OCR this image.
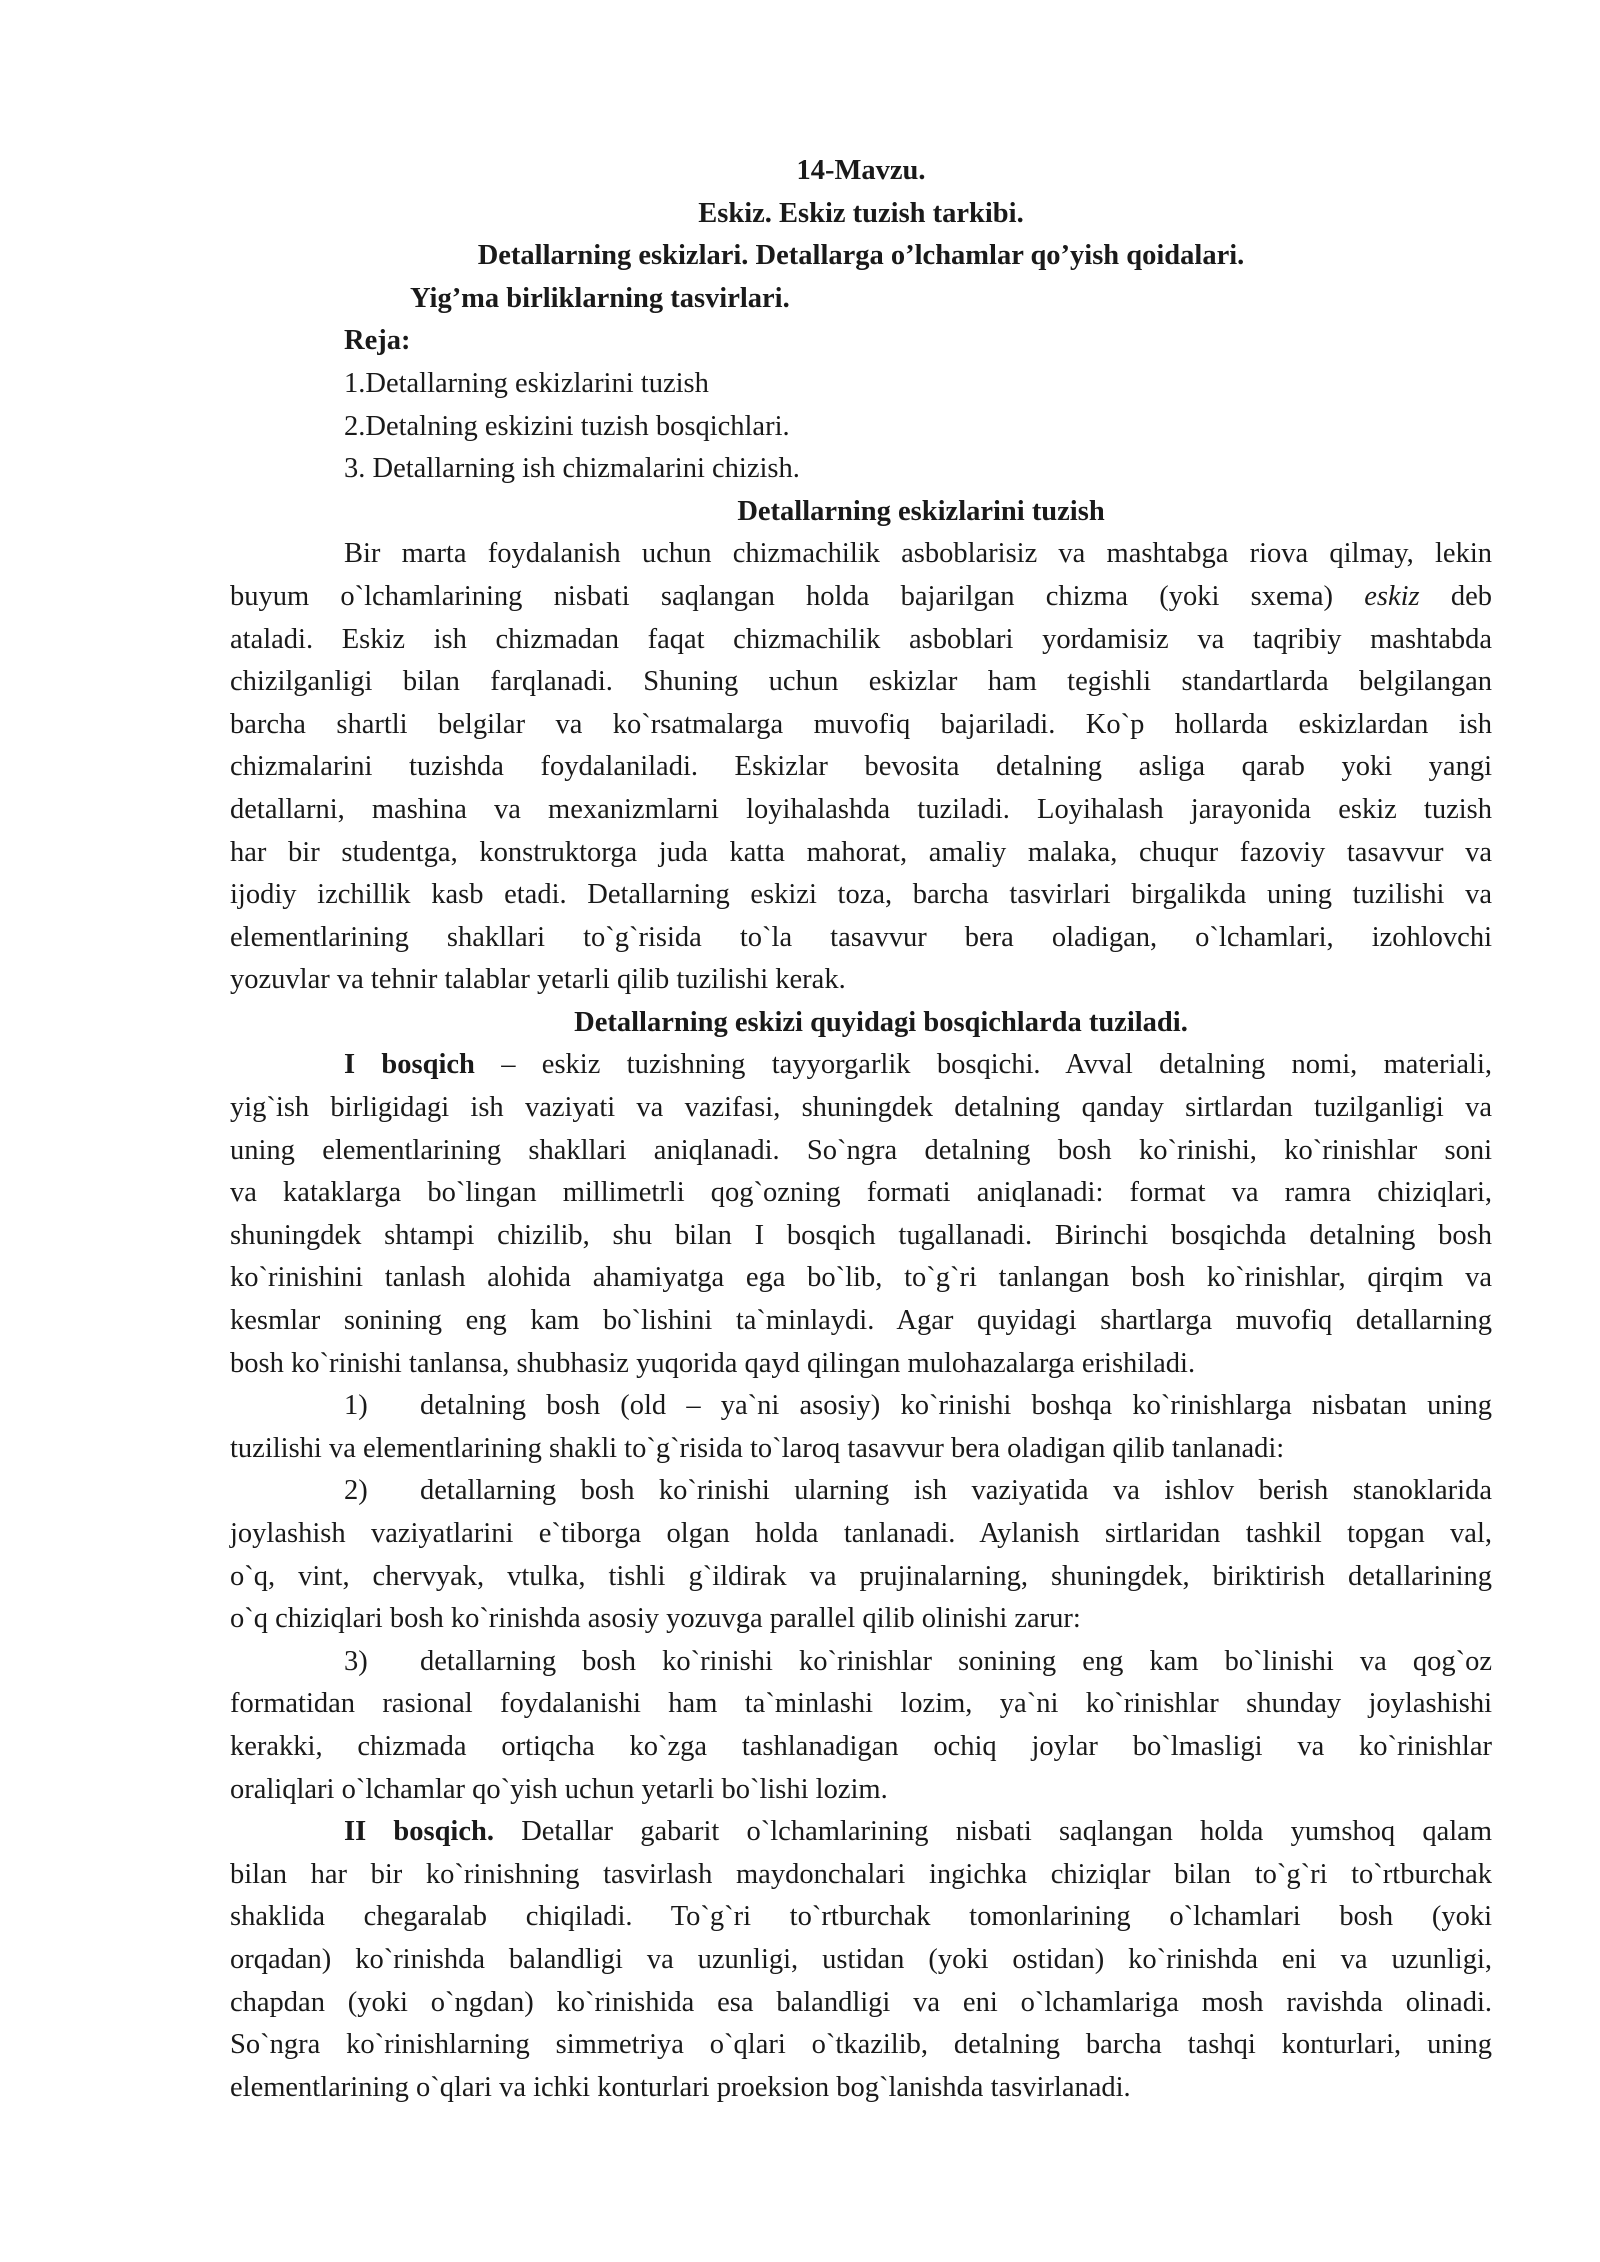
14-Mavzu.
Eskiz. Eskiz tuzish tarkibi.
Detallarning eskizlari. Detallarga o’lchamlar qo’yish qoidalari.
Yig’ma birliklarning tasvirlari.
Reja:
1.Detallarning eskizlarini tuzish
2.Detalning eskizini tuzish bosqichlari.
3. Detallarning ish chizmalarini chizish.
Detallarning eskizlarini tuzish
Bir marta foydalanish uchun chizmachilik asboblarisiz va mashtabga riova qilmay, lekin
buyum o`lchamlarining nisbati saqlangan holda bajarilgan chizma (yoki sxema) eskiz deb
ataladi. Eskiz ish chizmadan faqat chizmachilik asboblari yordamisiz va taqribiy mashtabda
chizilganligi bilan farqlanadi. Shuning uchun eskizlar ham tegishli standartlarda belgilangan
barcha shartli belgilar va ko`rsatmalarga muvofiq bajariladi. Ko`p hollarda eskizlardan ish
chizmalarini tuzishda foydalaniladi. Eskizlar bevosita detalning asliga qarab yoki yangi
detallarni, mashina va mexanizmlarni loyihalashda tuziladi. Loyihalash jarayonida eskiz tuzish
har bir studentga, konstruktorga juda katta mahorat, amaliy malaka, chuqur fazoviy tasavvur va
ijodiy izchillik kasb etadi. Detallarning eskizi toza, barcha tasvirlari birgalikda uning tuzilishi va
elementlarining shakllari to`g`risida to`la tasavvur bera oladigan, o`lchamlari, izohlovchi
yozuvlar va tehnir talablar yetarli qilib tuzilishi kerak.
Detallarning eskizi quyidagi bosqichlarda tuziladi.
I bosqich – eskiz tuzishning tayyorgarlik bosqichi. Avval detalning nomi, materiali,
yig`ish birligidagi ish vaziyati va vazifasi, shuningdek detalning qanday sirtlardan tuzilganligi va
uning elementlarining shakllari aniqlanadi. So`ngra detalning bosh ko`rinishi, ko`rinishlar soni
va kataklarga bo`lingan millimetrli qog`ozning formati aniqlanadi: format va ramra chiziqlari,
shuningdek shtampi chizilib, shu bilan I bosqich tugallanadi. Birinchi bosqichda detalning bosh
ko`rinishini tanlash alohida ahamiyatga ega bo`lib, to`g`ri tanlangan bosh ko`rinishlar, qirqim va
kesmlar sonining eng kam bo`lishini ta`minlaydi. Agar quyidagi shartlarga muvofiq detallarning
bosh ko`rinishi tanlansa, shubhasiz yuqorida qayd qilingan mulohazalarga erishiladi.
1) detalning bosh (old – ya`ni asosiy) ko`rinishi boshqa ko`rinishlarga nisbatan uning
tuzilishi va elementlarining shakli to`g`risida to`laroq tasavvur bera oladigan qilib tanlanadi:
2) detallarning bosh ko`rinishi ularning ish vaziyatida va ishlov berish stanoklarida
joylashish vaziyatlarini e`tiborga olgan holda tanlanadi. Aylanish sirtlaridan tashkil topgan val,
o`q, vint, chervyak, vtulka, tishli g`ildirak va prujinalarning, shuningdek, biriktirish detallarining
o`q chiziqlari bosh ko`rinishda asosiy yozuvga parallel qilib olinishi zarur:
3) detallarning bosh ko`rinishi ko`rinishlar sonining eng kam bo`linishi va qog`oz
formatidan rasional foydalanishi ham ta`minlashi lozim, ya`ni ko`rinishlar shunday joylashishi
kerakki, chizmada ortiqcha ko`zga tashlanadigan ochiq joylar bo`lmasligi va ko`rinishlar
oraliqlari o`lchamlar qo`yish uchun yetarli bo`lishi lozim.
II bosqich. Detallar gabarit o`lchamlarining nisbati saqlangan holda yumshoq qalam
bilan har bir ko`rinishning tasvirlash maydonchalari ingichka chiziqlar bilan to`g`ri to`rtburchak
shaklida chegaralab chiqiladi. To`g`ri to`rtburchak tomonlarining o`lchamlari bosh (yoki
orqadan) ko`rinishda balandligi va uzunligi, ustidan (yoki ostidan) ko`rinishda eni va uzunligi,
chapdan (yoki o`ngdan) ko`rinishida esa balandligi va eni o`lchamlariga mosh ravishda olinadi.
So`ngra ko`rinishlarning simmetriya o`qlari o`tkazilib, detalning barcha tashqi konturlari, uning
elementlarining o`qlari va ichki konturlari proeksion bog`lanishda tasvirlanadi.
